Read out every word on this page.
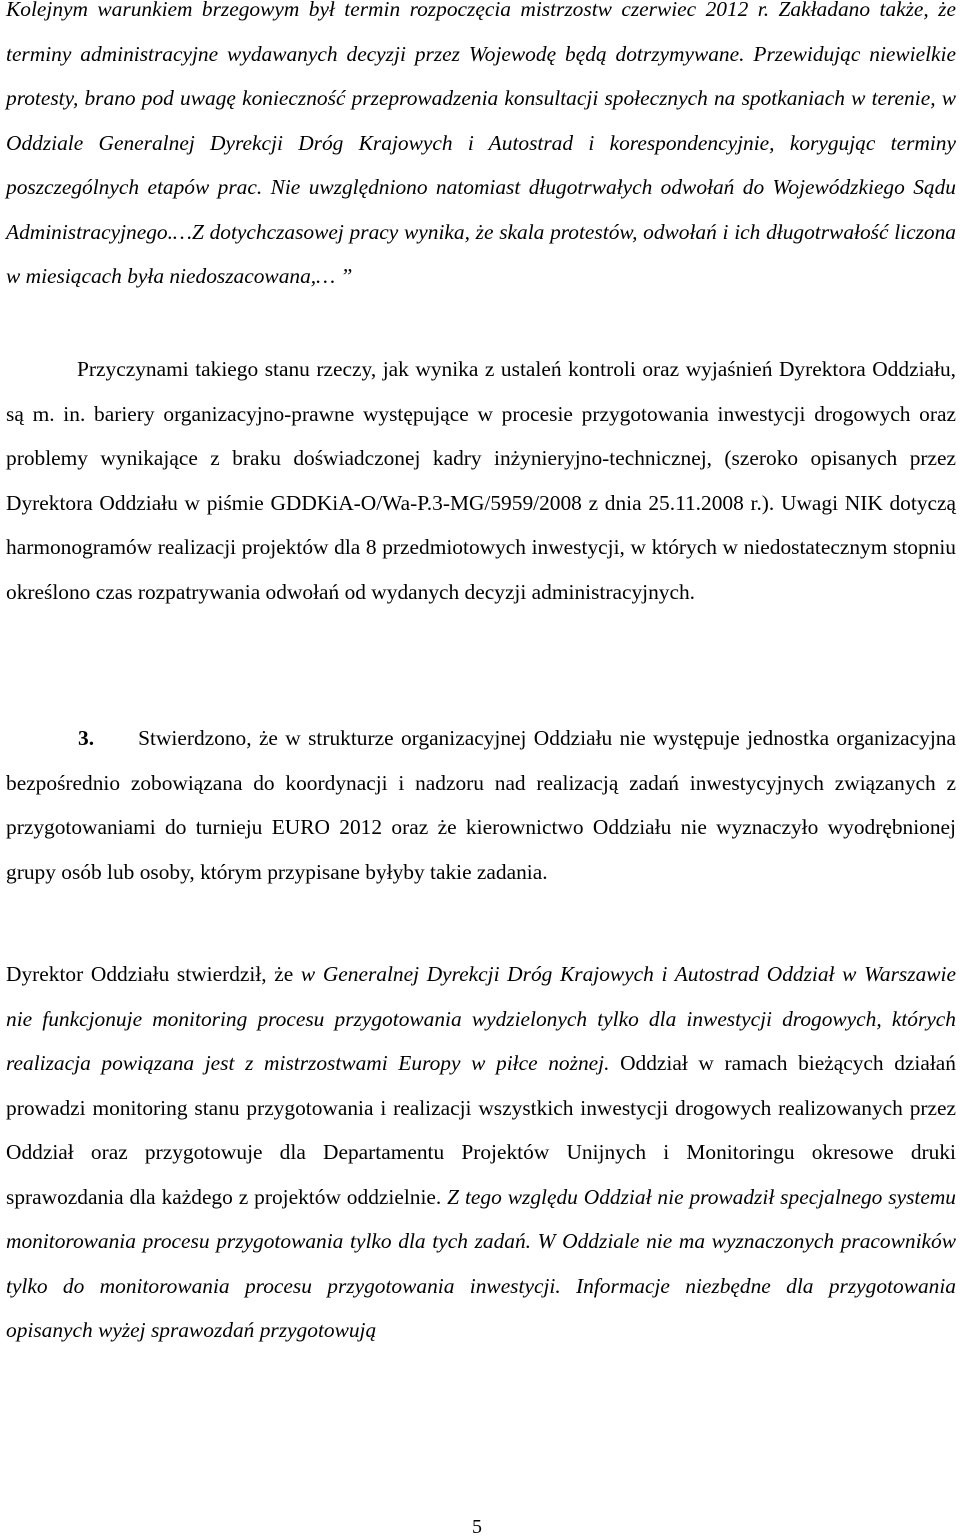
Kolejnym warunkiem brzegowym był termin rozpoczęcia mistrzostw czerwiec 2012 r. Zakładano także, że terminy administracyjne wydawanych decyzji przez Wojewodę będą dotrzymywane. Przewidując niewielkie protesty, brano pod uwagę konieczność przeprowadzenia konsultacji społecznych na spotkaniach w terenie, w Oddziale Generalnej Dyrekcji Dróg Krajowych i Autostrad i korespondencyjnie, korygując terminy poszczególnych etapów prac. Nie uwzględniono natomiast długotrwałych odwołań do Wojewódzkiego Sądu Administracyjnego.…Z dotychczasowej pracy wynika, że skala protestów, odwołań i ich długotrwałość liczona w miesiącach była niedoszacowana,… ”

Przyczynami takiego stanu rzeczy, jak wynika z ustaleń kontroli oraz wyjaśnień Dyrektora Oddziału, są m. in. bariery organizacyjno-prawne występujące w procesie przygotowania inwestycji drogowych oraz problemy wynikające z braku doświadczonej kadry inżynieryjno-technicznej, (szeroko opisanych przez Dyrektora Oddziału w piśmie GDDKiA-O/Wa-P.3-MG/5959/2008 z dnia 25.11.2008 r.). Uwagi NIK dotyczą harmonogramów realizacji projektów dla 8 przedmiotowych inwestycji, w których w niedostatecznym stopniu określono czas rozpatrywania odwołań od wydanych decyzji administracyjnych.

3. Stwierdzono, że w strukturze organizacyjnej Oddziału nie występuje jednostka organizacyjna bezpośrednio zobowiązana do koordynacji i nadzoru nad realizacją zadań inwestycyjnych związanych z przygotowaniami do turnieju EURO 2012 oraz że kierownictwo Oddziału nie wyznaczyło wyodrębnionej grupy osób lub osoby, którym przypisane byłyby takie zadania.

Dyrektor Oddziału stwierdził, że w Generalnej Dyrekcji Dróg Krajowych i Autostrad Oddział w Warszawie nie funkcjonuje monitoring procesu przygotowania wydzielonych tylko dla inwestycji drogowych, których realizacja powiązana jest z mistrzostwami Europy w piłce nożnej. Oddział w ramach bieżących działań prowadzi monitoring stanu przygotowania i realizacji wszystkich inwestycji drogowych realizowanych przez Oddział oraz przygotowuje dla Departamentu Projektów Unijnych i Monitoringu okresowe druki sprawozdania dla każdego z projektów oddzielnie. Z tego względu Oddział nie prowadził specjalnego systemu monitorowania procesu przygotowania tylko dla tych zadań. W Oddziale nie ma wyznaczonych pracowników tylko do monitorowania procesu przygotowania inwestycji. Informacje niezbędne dla przygotowania opisanych wyżej sprawozdań przygotowują

5
